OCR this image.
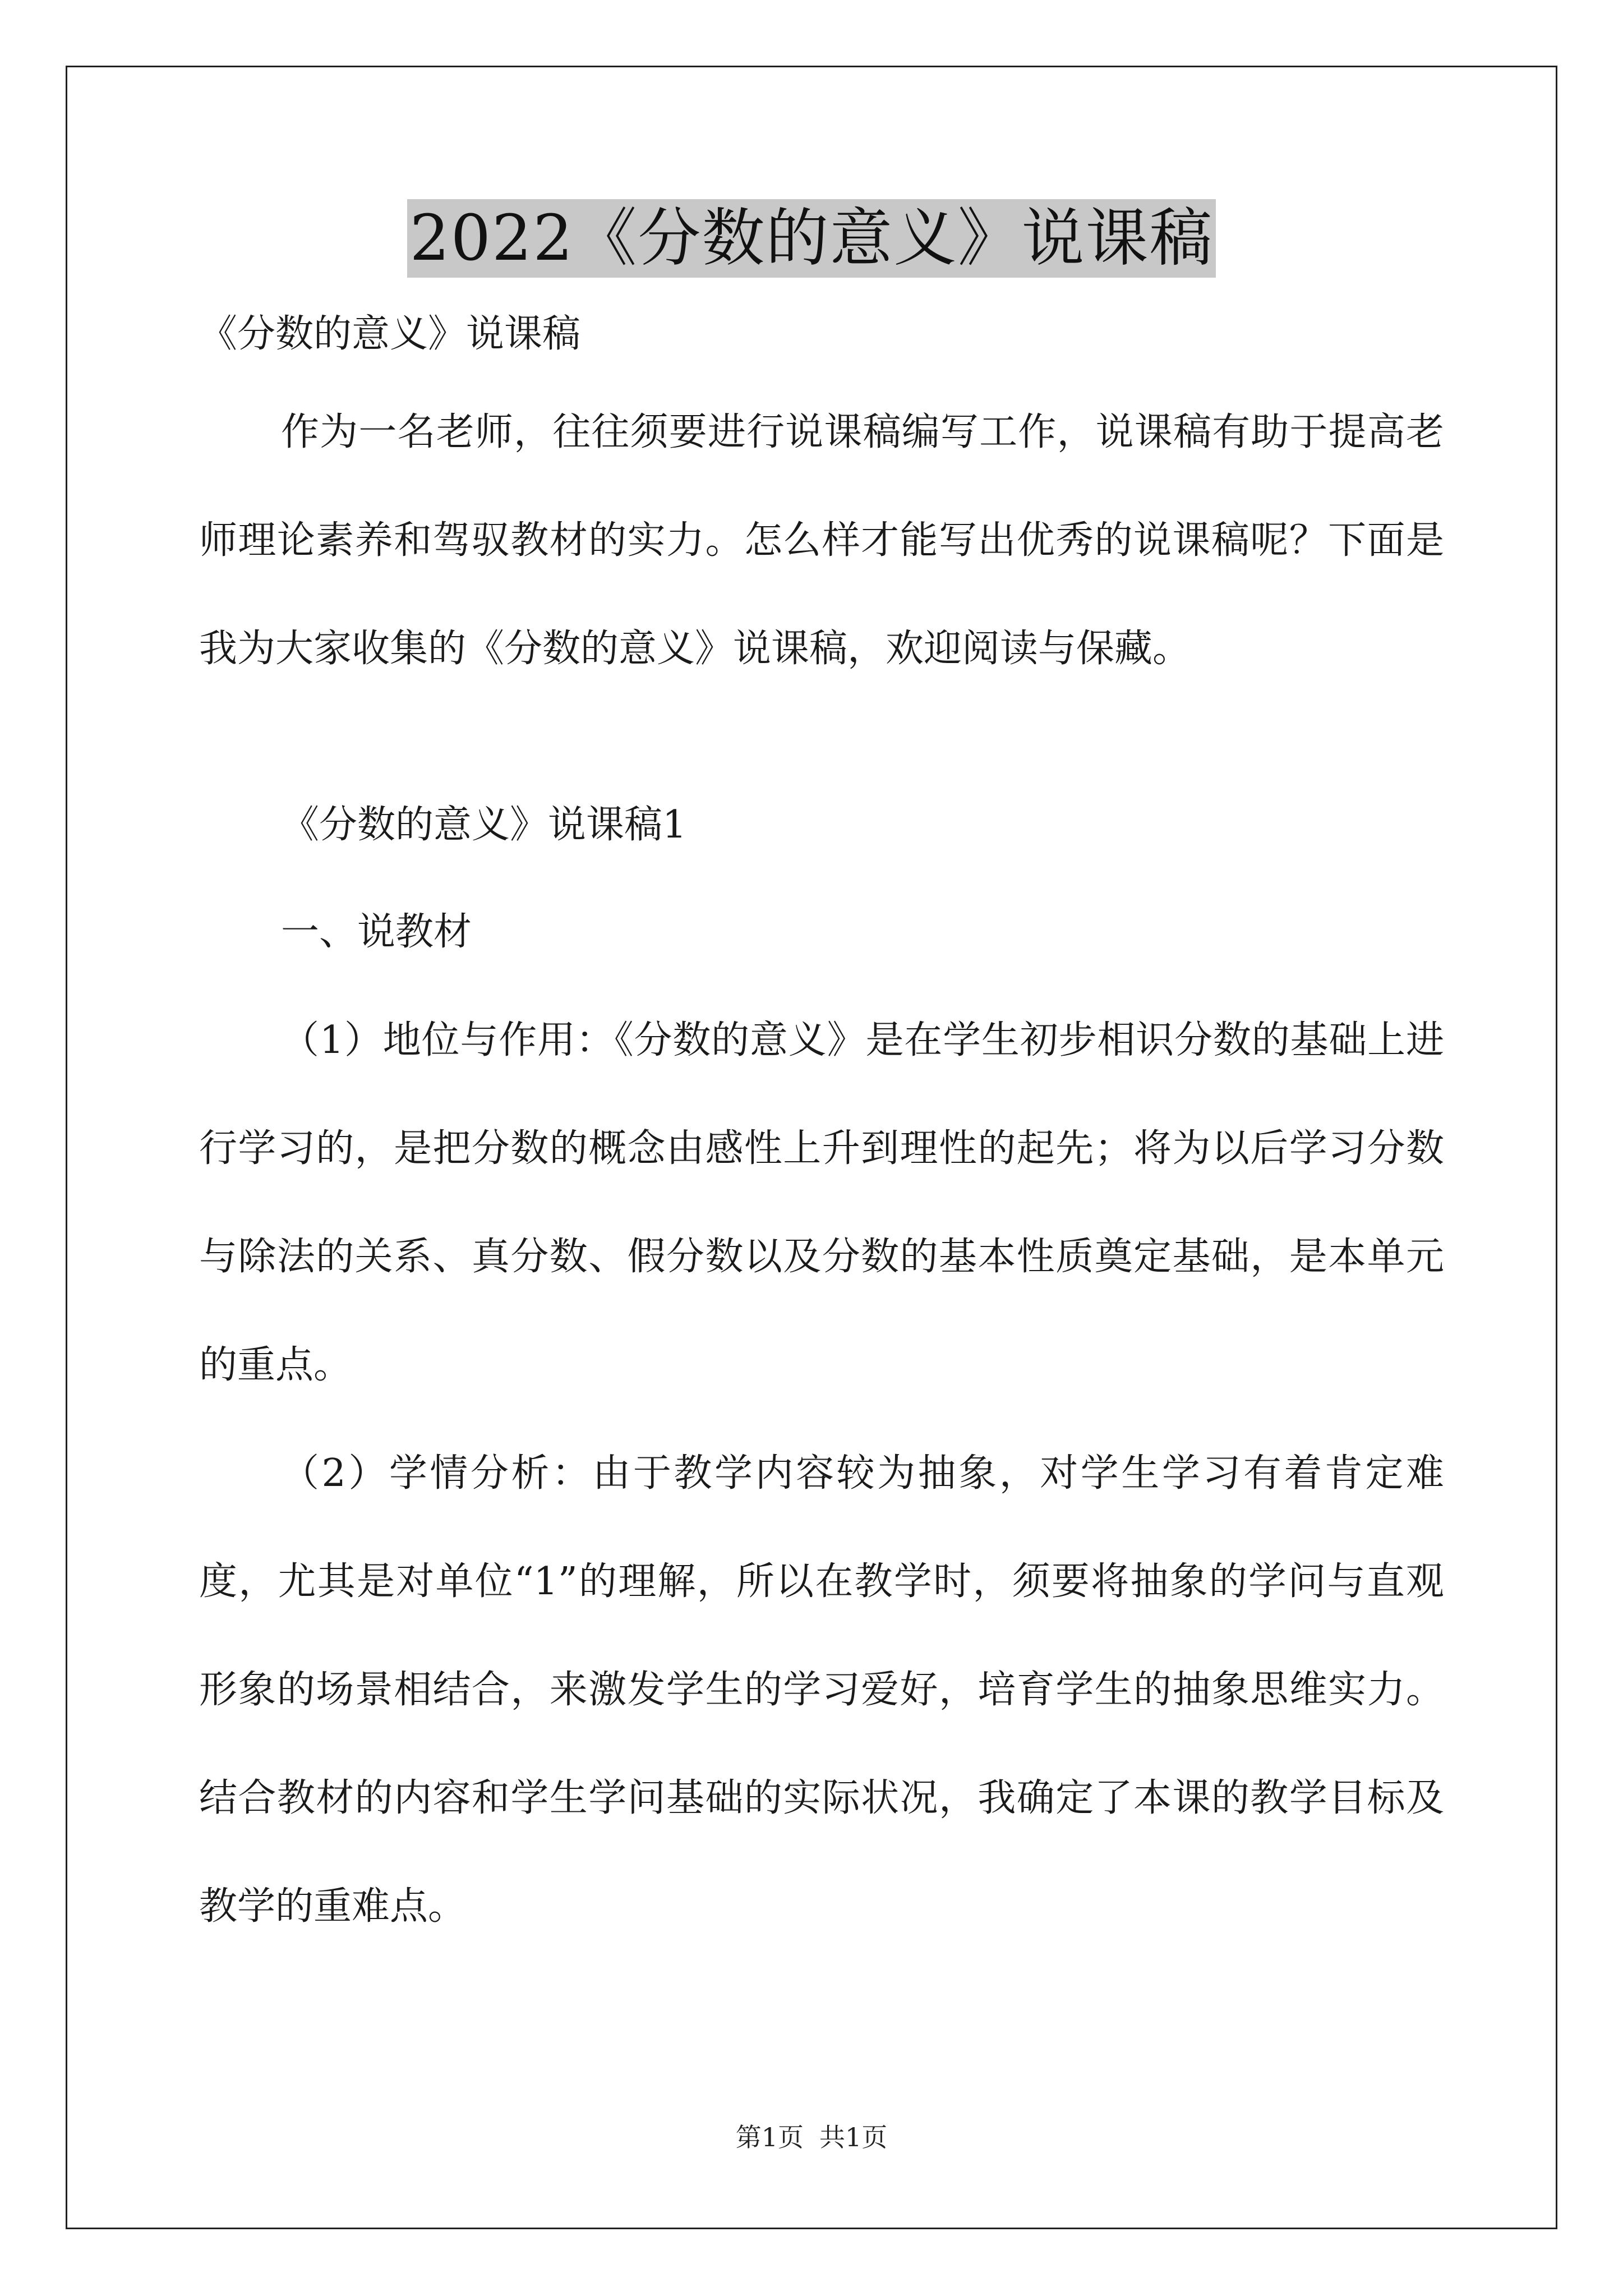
2022《分数的意义》说课稿
《分数的意义》说课稿
作为一名老师，往往须要进行说课稿编写工作，说课稿有助于提高老师理论素养和驾驭教材的实力。怎么样才能写出优秀的说课稿呢？下面是我为大家收集的《分数的意义》说课稿，欢迎阅读与保藏。
《分数的意义》说课稿1
一、说教材
（1）地位与作用：《分数的意义》是在学生初步相识分数的基础上进行学习的，是把分数的概念由感性上升到理性的起先；将为以后学习分数与除法的关系、真分数、假分数以及分数的基本性质奠定基础，是本单元的重点。
（2）学情分析：由于教学内容较为抽象，对学生学习有着肯定难度，尤其是对单位“1”的理解，所以在教学时，须要将抽象的学问与直观形象的场景相结合，来激发学生的学习爱好，培育学生的抽象思维实力。结合教材的内容和学生学问基础的实际状况，我确定了本课的教学目标及教学的重难点。
第1页 共1页
